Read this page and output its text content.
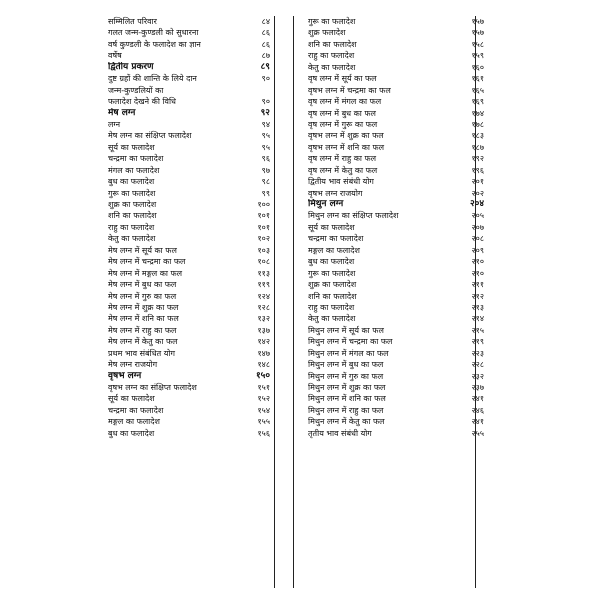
सम्मिलित परिवार	८४
गलत जन्म-कुण्डली को सुधारना	८६
वर्ष कुण्डली के फलादेश का ज्ञान	८६
वर्षेष	८७
द्वितीय प्रकरण	८९
दुष्ट ग्रहों की शान्ति के लिये दान	९०
जन्म-कुण्डलियों का
फलादेश देखने की विधि	९०
मेष लग्न	९२
लग्न	९४
मेष लग्न का संक्षिप्त फलादेश	९५
सूर्य का फलादेश	९५
चन्द्रमा का फलादेश	९६
मंगल का फलादेश	९७
बुध का फलादेश	९८
गुरू का फलादेश	९९
शुक्र का फलादेश	१००
शनि का फलादेश	१०१
राहु का फलादेश	१०१
केतु का फलादेश	१०२
मेष लग्न में सूर्य का फल	१०३
मेष लग्न में चन्द्रमा का फल	१०८
मेष लग्न में मङ्गल का फल	११३
मेष लग्न में बुध का फल	११९
मेष लग्न में गुरु का फल	१२४
मेष लग्न में शुक्र का फल	१२८
मेष लग्न में शनि का फल	१३२
मेष लग्न में राहु का फल	१३७
मेष लग्न में केतु का फल	१४२
प्रथम भाव संबंधित योग	१४७
मेष लग्न राजयोग	१४८
वृषभ लग्न	१५०
वृषभ लग्न का संक्षिप्त फलादेश	१५१
सूर्य का फलादेश	१५२
चन्द्रमा का फलादेश	१५४
मङ्गल का फलादेश	१५५
बुध का फलादेश	१५६
गुरू का फलादेश	१५७
शुक्र फलादेश	१५७
शनि का फलादेश	१५८
राहु का फलादेश	१५९
केतु का फलादेश	१६०
वृष लग्न में सूर्य का फल	१६१
वृषभ लग्न में चन्द्रमा का फल	१६५
वृष लग्न में मंगल का फल	१६९
वृष लग्न में बुध का फल	१७४
वृष लग्न में गुरू का फल	१७८
वृषभ लग्न में शुक्र का फल	१८३
वृषभ लग्न में शनि का फल	१८७
वृष लग्न में राहु का फल	१९२
वृष लग्न में केतु का फल	१९६
द्वितीय भाव संबंधी योग	२०१
वृषभ लग्न राजयोग	२०२
मिथुन लग्न	२०४
मिथुन लग्न का संक्षिप्त फलादेश	२०५
सूर्य का फलादेश	२०७
चन्द्रमा का फलादेश	२०८
मङ्गल का फलादेश	२०९
बुध का फलादेश	२१०
गुरू का फलादेश	२१०
शुक्र का फलादेश	२११
शनि का फलादेश	२१२
राहु का फलादेश	२१३
केतु का फलादेश	२१४
मिथुन लग्न में सूर्य का फल	२१५
मिथुन लग्न में चन्द्रमा का फल	२१९
मिथुन लग्न में मंगल का फल	२२३
मिथुन लग्न में बुध का फल	२२८
मिथुन लग्न में गुरु का फल	२३२
मिथुन लग्न में शुक्र का फल	२३७
मिथुन लग्न में शनि का फल	२४१
मिथुन लग्न में राहु का फल	२४६
मिथुन लग्न में केतु का फल	२४१
तृतीय भाव संबंधी योग	२५५
